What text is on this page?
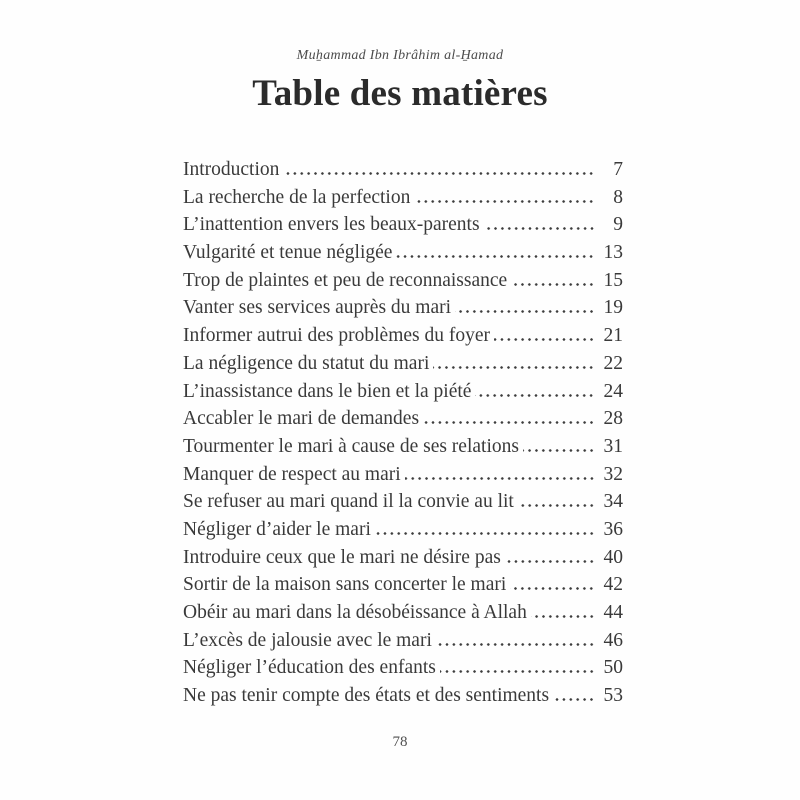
Muẖammad Ibn Ibrâhim al-H̱amad
Table des matières
Introduction	7
La recherche de la perfection	8
L’inattention envers les beaux-parents	9
Vulgarité et tenue négligée	13
Trop de plaintes et peu de reconnaissance	15
Vanter ses services auprès du mari	19
Informer autrui des problèmes du foyer	21
La négligence du statut du mari	22
L’inassistance dans le bien et la piété	24
Accabler le mari de demandes	28
Tourmenter le mari à cause de ses relations	31
Manquer de respect au mari	32
Se refuser au mari quand il la convie au lit	34
Négliger d’aider le mari	36
Introduire ceux que le mari ne désire pas	40
Sortir de la maison sans concerter le mari	42
Obéir au mari dans la désobéissance à Allah	44
L’excès de jalousie avec le mari	46
Négliger l’éducation des enfants	50
Ne pas tenir compte des états et des sentiments	53
78
